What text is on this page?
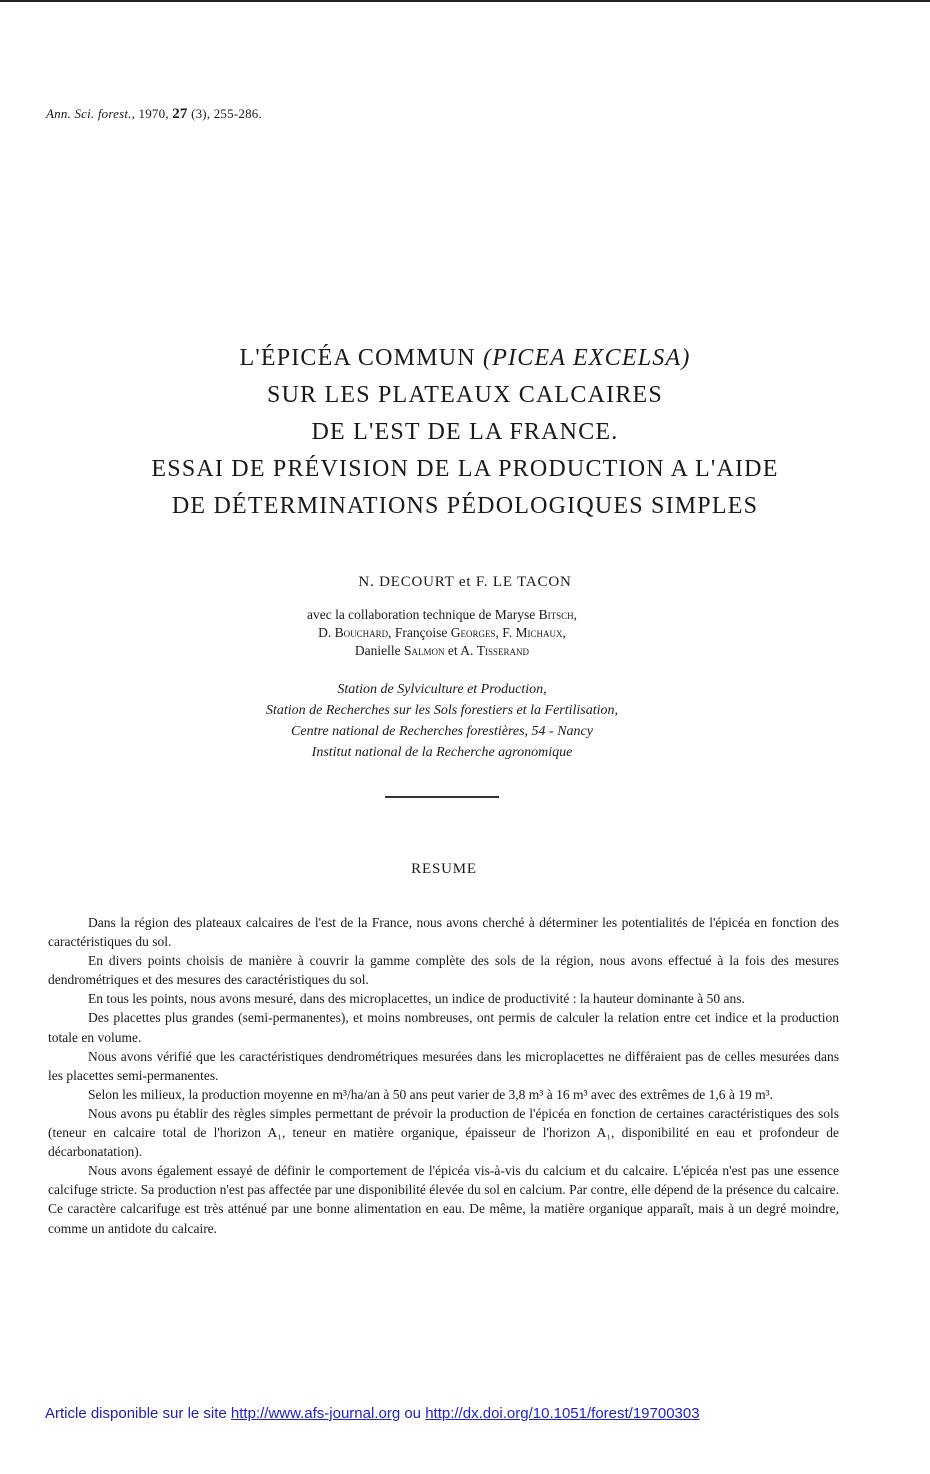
Ann. Sci. forest., 1970, 27 (3), 255-286.
L'ÉPICÉA COMMUN (PICEA EXCELSA)
SUR LES PLATEAUX CALCAIRES
DE L'EST DE LA FRANCE.
ESSAI DE PRÉVISION DE LA PRODUCTION A L'AIDE
DE DÉTERMINATIONS PÉDOLOGIQUES SIMPLES
N. DECOURT et F. LE TACON
avec la collaboration technique de Maryse Bitsch,
D. Bouchard, Françoise Georges, F. Michaux,
Danielle Salmon et A. Tisserand
Station de Sylviculture et Production,
Station de Recherches sur les Sols forestiers et la Fertilisation,
Centre national de Recherches forestières, 54 - Nancy
Institut national de la Recherche agronomique
RESUME

Dans la région des plateaux calcaires de l'est de la France, nous avons cherché à déterminer les potentialités de l'épicéa en fonction des caractéristiques du sol.

En divers points choisis de manière à couvrir la gamme complète des sols de la région, nous avons effectué à la fois des mesures dendrométriques et des mesures des caractéristiques du sol.

En tous les points, nous avons mesuré, dans des microplacettes, un indice de productivité : la hauteur dominante à 50 ans.

Des placettes plus grandes (semi-permanentes), et moins nombreuses, ont permis de calculer la relation entre cet indice et la production totale en volume.

Nous avons vérifié que les caractéristiques dendrométriques mesurées dans les microplacettes ne différaient pas de celles mesurées dans les placettes semi-permanentes.

Selon les milieux, la production moyenne en m³/ha/an à 50 ans peut varier de 3,8 m³ à 16 m³ avec des extrêmes de 1,6 à 19 m³.

Nous avons pu établir des règles simples permettant de prévoir la production de l'épicéa en fonction de certaines caractéristiques des sols (teneur en calcaire total de l'horizon A₁, teneur en matière organique, épaisseur de l'horizon A₁, disponibilité en eau et profondeur de décarbonatation).

Nous avons également essayé de définir le comportement de l'épicéa vis-à-vis du calcium et du calcaire. L'épicéa n'est pas une essence calcifuge stricte. Sa production n'est pas affectée par une disponibilité élevée du sol en calcium. Par contre, elle dépend de la présence du calcaire. Ce caractère calcarifuge est très atténué par une bonne alimentation en eau. De même, la matière organique apparaît, mais à un degré moindre, comme un antidote du calcaire.

Article disponible sur le site http://www.afs-journal.org ou http://dx.doi.org/10.1051/forest/19700303
